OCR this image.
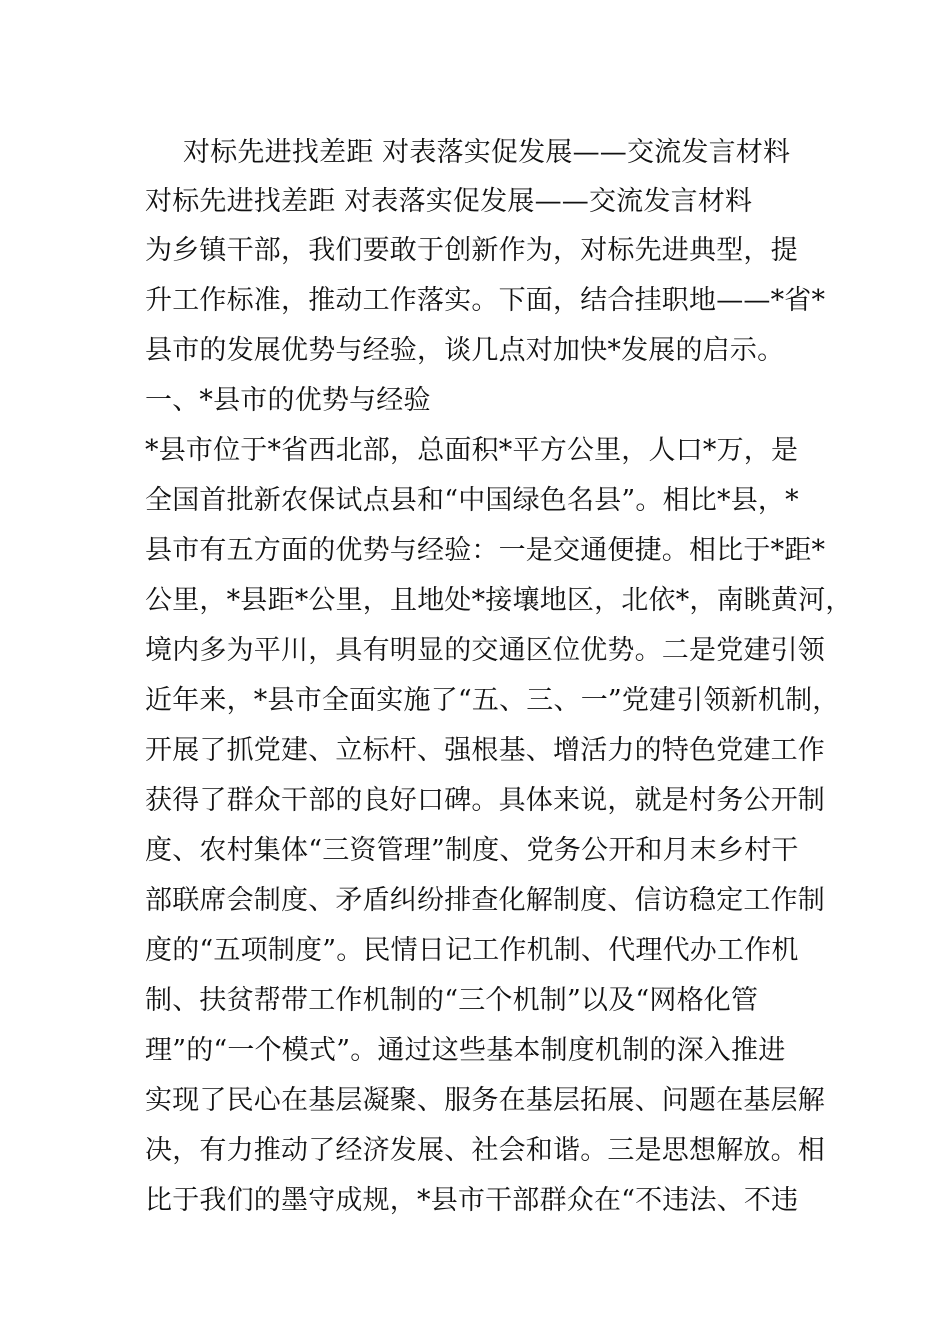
对标先进找差距 对表落实促发展——交流发言材料
对标先进找差距 对表落实促发展——交流发言材料
为乡镇干部，我们要敢于创新作为，对标先进典型，提
升工作标准，推动工作落实。下面，结合挂职地——*省*
县市的发展优势与经验，谈几点对加快*发展的启示。
一、*县市的优势与经验
*县市位于*省西北部，总面积*平方公里，人口*万，是
全国首批新农保试点县和“中国绿色名县”。相比*县，*
县市有五方面的优势与经验：一是交通便捷。相比于*距*
公里，*县距*公里，且地处*接壤地区，北依*，南眺黄河，
境内多为平川，具有明显的交通区位优势。二是党建引领
近年来，*县市全面实施了“五、三、一”党建引领新机制，
开展了抓党建、立标杆、强根基、增活力的特色党建工作
获得了群众干部的良好口碑。具体来说，就是村务公开制
度、农村集体“三资管理”制度、党务公开和月末乡村干
部联席会制度、矛盾纠纷排查化解制度、信访稳定工作制
度的“五项制度”。民情日记工作机制、代理代办工作机
制、扶贫帮带工作机制的“三个机制”以及“网格化管
理”的“一个模式”。通过这些基本制度机制的深入推进
实现了民心在基层凝聚、服务在基层拓展、问题在基层解
决，有力推动了经济发展、社会和谐。三是思想解放。相
比于我们的墨守成规，*县市干部群众在“不违法、不违
